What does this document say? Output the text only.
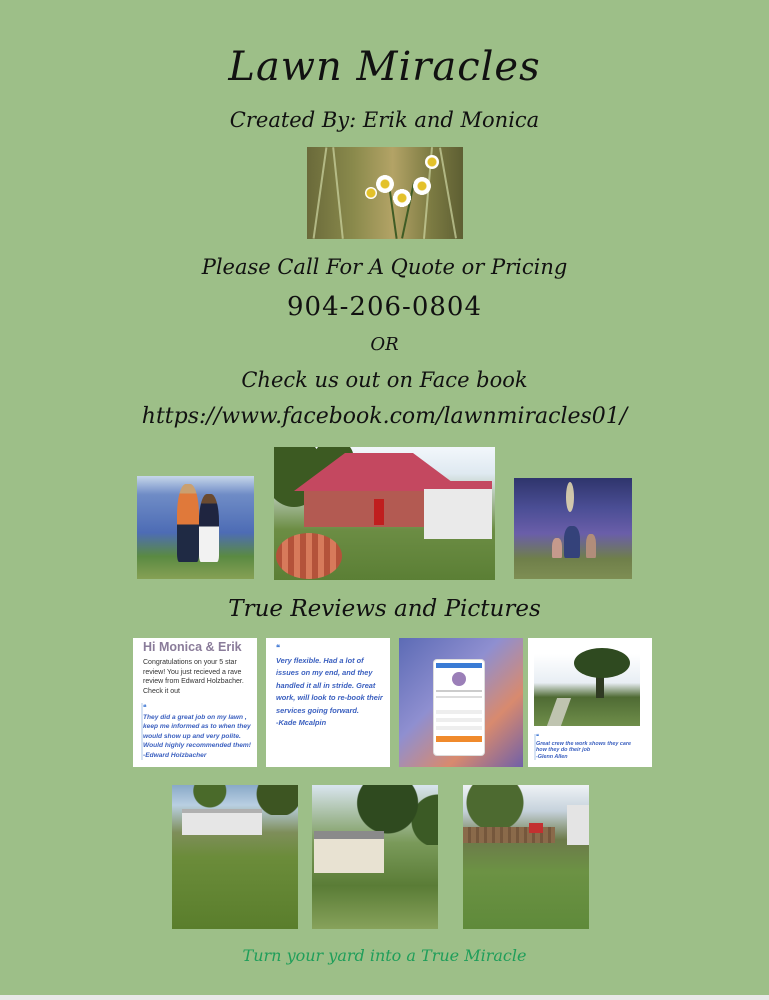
Lawn Miracles
Created By: Erik and Monica
Please Call For A Quote or Pricing
904-206-0804
OR
Check us out on Face book
https://www.facebook.com/lawnmiracles01/
True Reviews and Pictures
Hi Monica & Erik
Congratulations on your 5 star review! You just recieved a rave review from Edward Holzbacher. Check it out
❝
They did a great job on my lawn , keep me informed as to when they would show up and very polite. Would highly recommended them!
-Edward Holzbacher
❝
Very flexible. Had a lot of issues on my end, and they handled it all in stride. Great work, will look to re-book their services going forward.
-Kade Mcalpin
❝
Great crew the work shows they care how they do their job
-Glenn Allen
Turn your yard into a True Miracle
